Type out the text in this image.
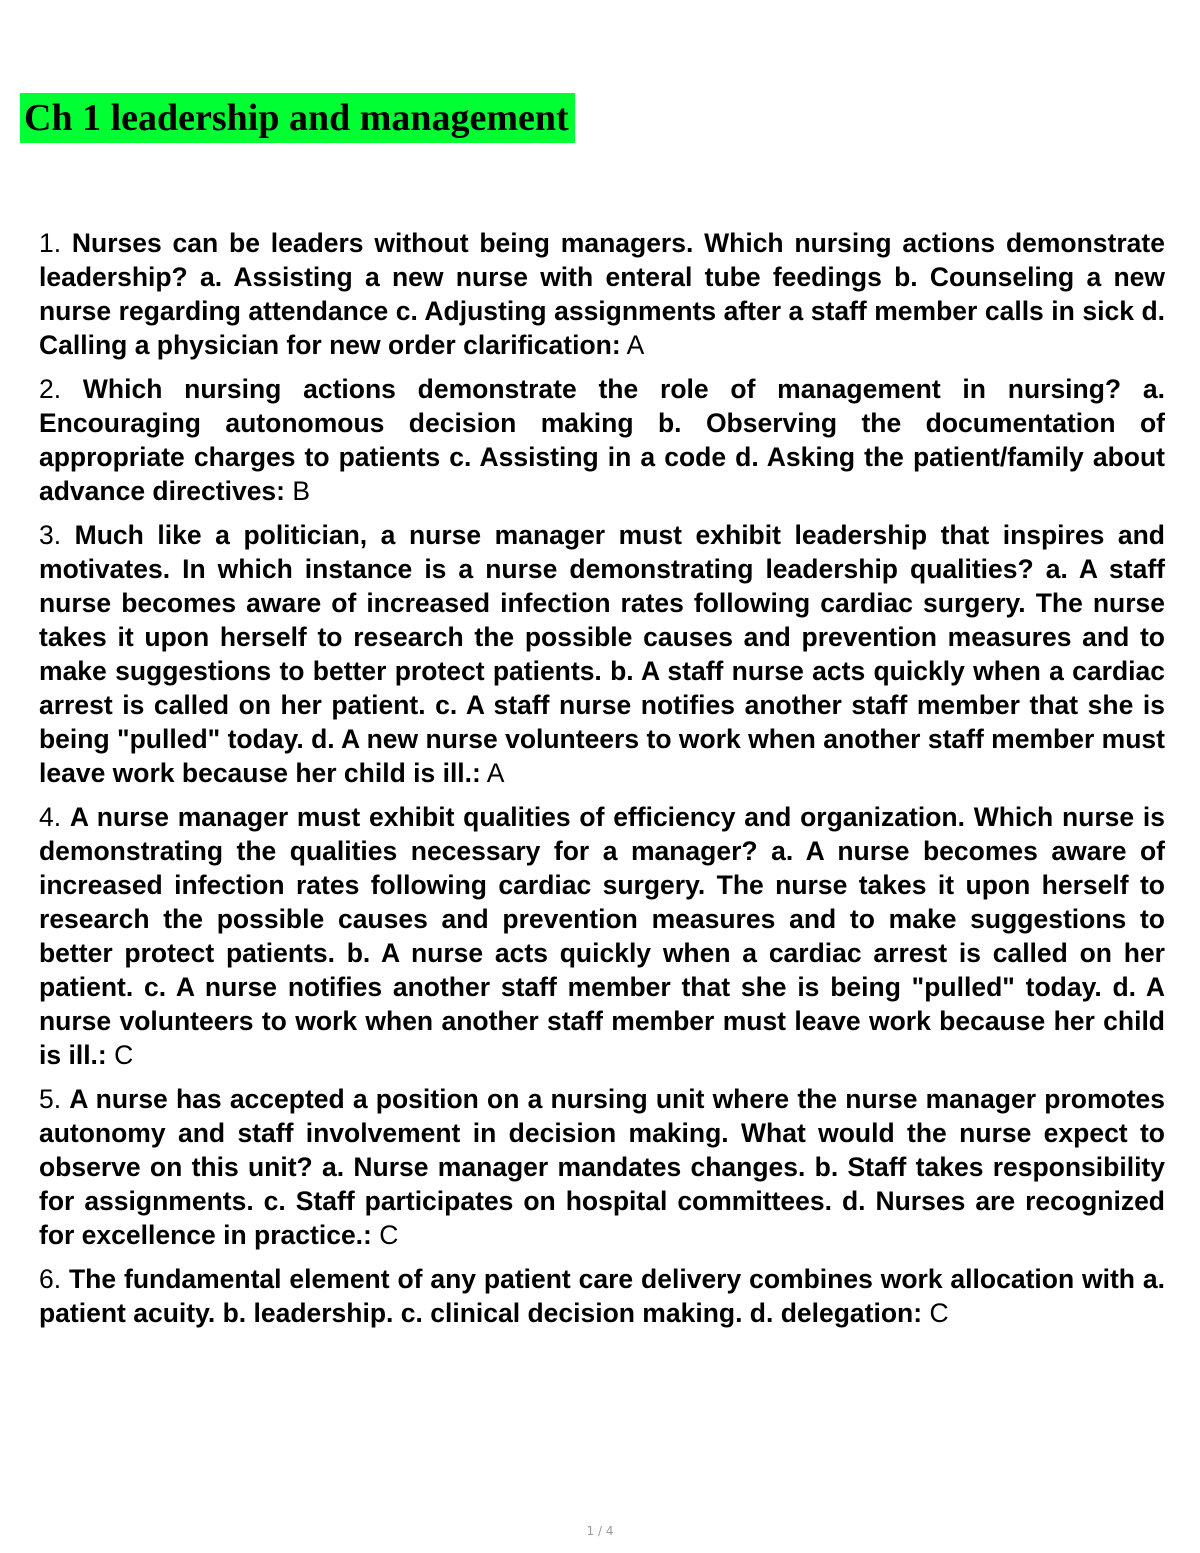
Ch 1 leadership and management

1. Nurses can be leaders without being managers. Which nursing actions demonstrate leadership? a. Assisting a new nurse with enteral tube feedings b. Counseling a new nurse regarding attendance c. Adjusting assignments after a staff member calls in sick d. Calling a physician for new order clarification: A

2. Which nursing actions demonstrate the role of management in nursing? a. Encouraging autonomous decision making b. Observing the documentation of appropriate charges to patients c. Assisting in a code d. Asking the patient/family about advance directives: B

3. Much like a politician, a nurse manager must exhibit leadership that inspires and motivates. In which instance is a nurse demonstrating leadership qualities? a. A staff nurse becomes aware of increased infection rates following cardiac surgery. The nurse takes it upon herself to research the possible causes and prevention measures and to make suggestions to better protect patients. b. A staff nurse acts quickly when a cardiac arrest is called on her patient. c. A staff nurse notifies another staff member that she is being "pulled" today. d. A new nurse volunteers to work when another staff member must leave work because her child is ill.: A

4. A nurse manager must exhibit qualities of efficiency and organization. Which nurse is demonstrating the qualities necessary for a manager? a. A nurse becomes aware of increased infection rates following cardiac surgery. The nurse takes it upon herself to research the possible causes and prevention measures and to make suggestions to better protect patients. b. A nurse acts quickly when a cardiac arrest is called on her patient. c. A nurse notifies another staff member that she is being "pulled" today. d. A nurse volunteers to work when another staff member must leave work because her child is ill.: C

5. A nurse has accepted a position on a nursing unit where the nurse manager promotes autonomy and staff involvement in decision making. What would the nurse expect to observe on this unit? a. Nurse manager mandates changes. b. Staff takes responsibility for assignments. c. Staff participates on hospital committees. d. Nurses are recognized for excellence in practice.: C

6. The fundamental element of any patient care delivery combines work allocation with a. patient acuity. b. leadership. c. clinical decision making. d. delegation: C

1 / 4
